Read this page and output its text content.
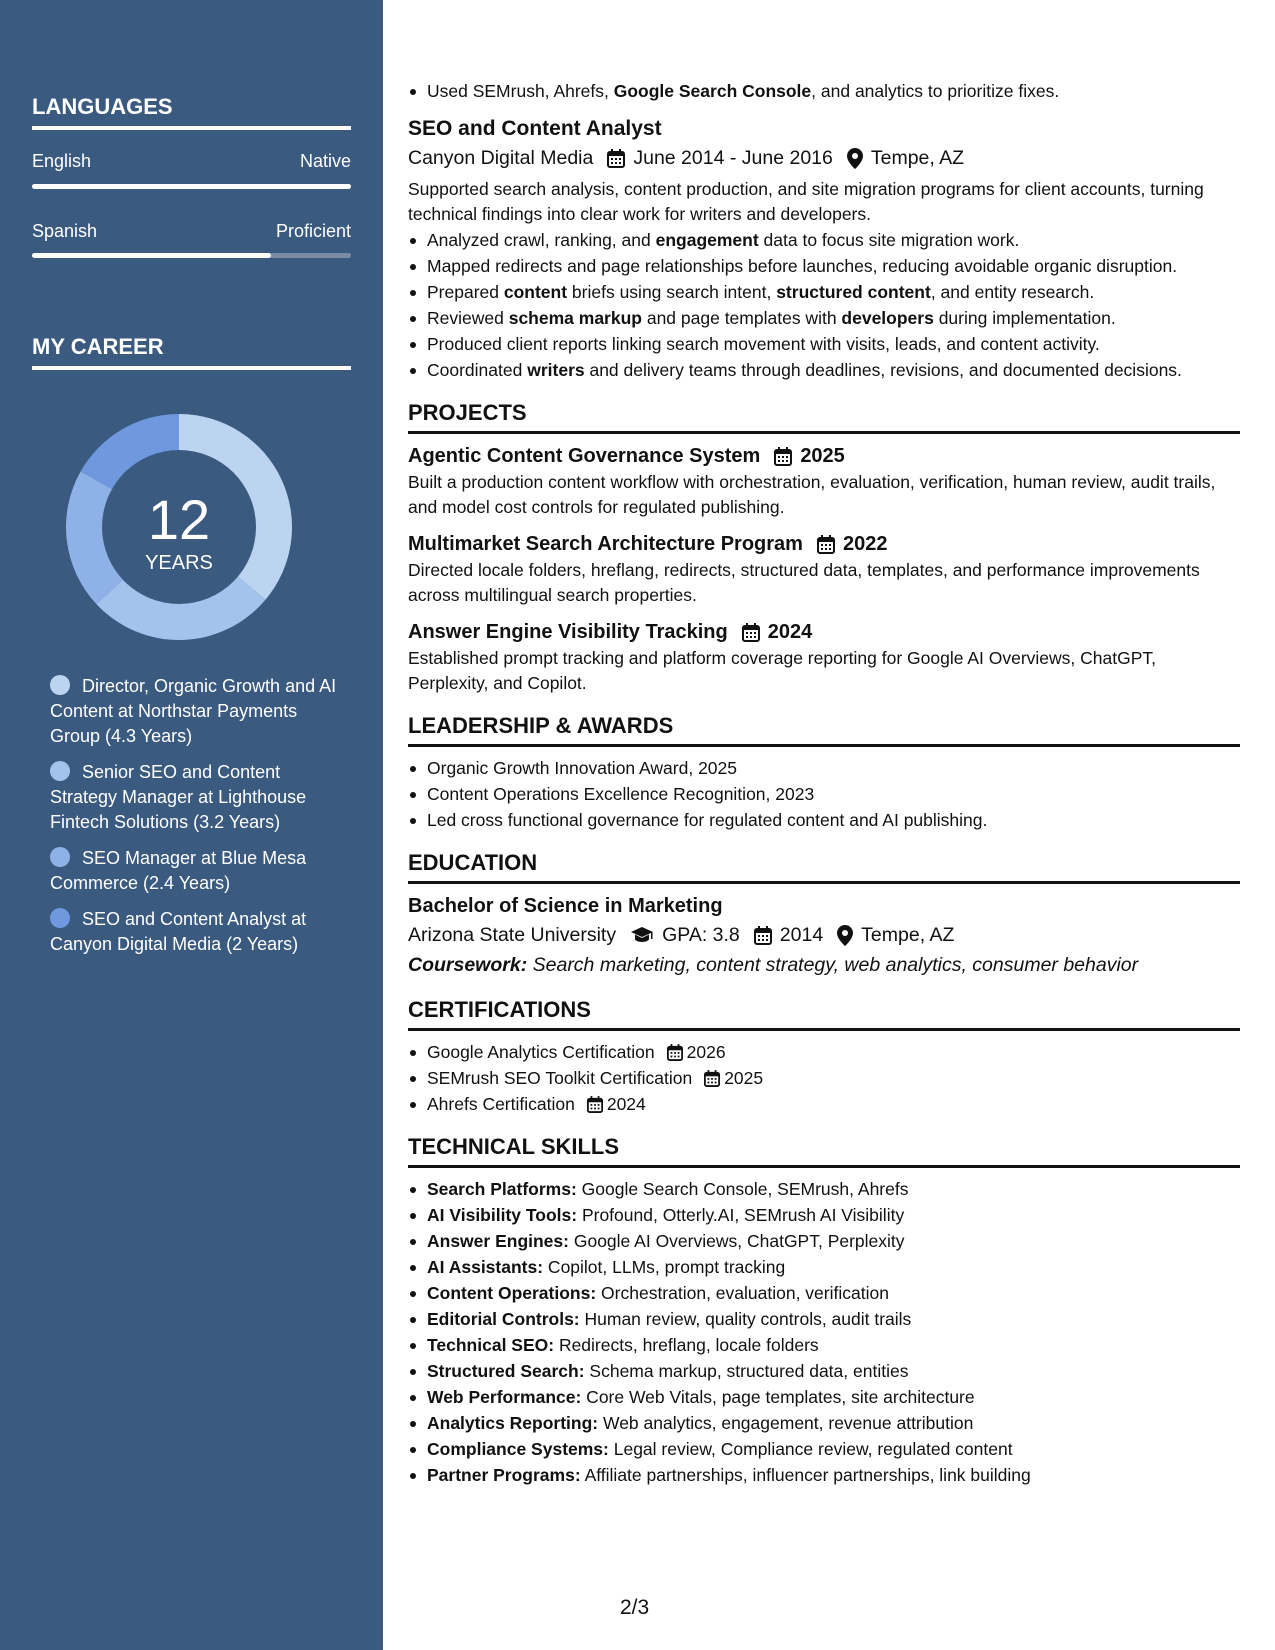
LANGUAGES
English	Native
Spanish	Proficient
MY CAREER
12
YEARS
Director, Organic Growth and AI Content at Northstar Payments Group (4.3 Years)
Senior SEO and Content Strategy Manager at Lighthouse Fintech Solutions (3.2 Years)
SEO Manager at Blue Mesa Commerce (2.4 Years)
SEO and Content Analyst at Canyon Digital Media (2 Years)
Used SEMrush, Ahrefs, Google Search Console, and analytics to prioritize fixes.
SEO and Content Analyst
Canyon Digital Media June 2014 - June 2016 Tempe, AZ
Supported search analysis, content production, and site migration programs for client accounts, turning technical findings into clear work for writers and developers.
Analyzed crawl, ranking, and engagement data to focus site migration work.
Mapped redirects and page relationships before launches, reducing avoidable organic disruption.
Prepared content briefs using search intent, structured content, and entity research.
Reviewed schema markup and page templates with developers during implementation.
Produced client reports linking search movement with visits, leads, and content activity.
Coordinated writers and delivery teams through deadlines, revisions, and documented decisions.
PROJECTS
Agentic Content Governance System 2025
Built a production content workflow with orchestration, evaluation, verification, human review, audit trails, and model cost controls for regulated publishing.
Multimarket Search Architecture Program 2022
Directed locale folders, hreflang, redirects, structured data, templates, and performance improvements across multilingual search properties.
Answer Engine Visibility Tracking 2024
Established prompt tracking and platform coverage reporting for Google AI Overviews, ChatGPT, Perplexity, and Copilot.
LEADERSHIP & AWARDS
Organic Growth Innovation Award, 2025
Content Operations Excellence Recognition, 2023
Led cross functional governance for regulated content and AI publishing.
EDUCATION
Bachelor of Science in Marketing
Arizona State University GPA: 3.8 2014 Tempe, AZ
Coursework: Search marketing, content strategy, web analytics, consumer behavior
CERTIFICATIONS
Google Analytics Certification 2026
SEMrush SEO Toolkit Certification 2025
Ahrefs Certification 2024
TECHNICAL SKILLS
Search Platforms: Google Search Console, SEMrush, Ahrefs
AI Visibility Tools: Profound, Otterly.AI, SEMrush AI Visibility
Answer Engines: Google AI Overviews, ChatGPT, Perplexity
AI Assistants: Copilot, LLMs, prompt tracking
Content Operations: Orchestration, evaluation, verification
Editorial Controls: Human review, quality controls, audit trails
Technical SEO: Redirects, hreflang, locale folders
Structured Search: Schema markup, structured data, entities
Web Performance: Core Web Vitals, page templates, site architecture
Analytics Reporting: Web analytics, engagement, revenue attribution
Compliance Systems: Legal review, Compliance review, regulated content
Partner Programs: Affiliate partnerships, influencer partnerships, link building
2/3
